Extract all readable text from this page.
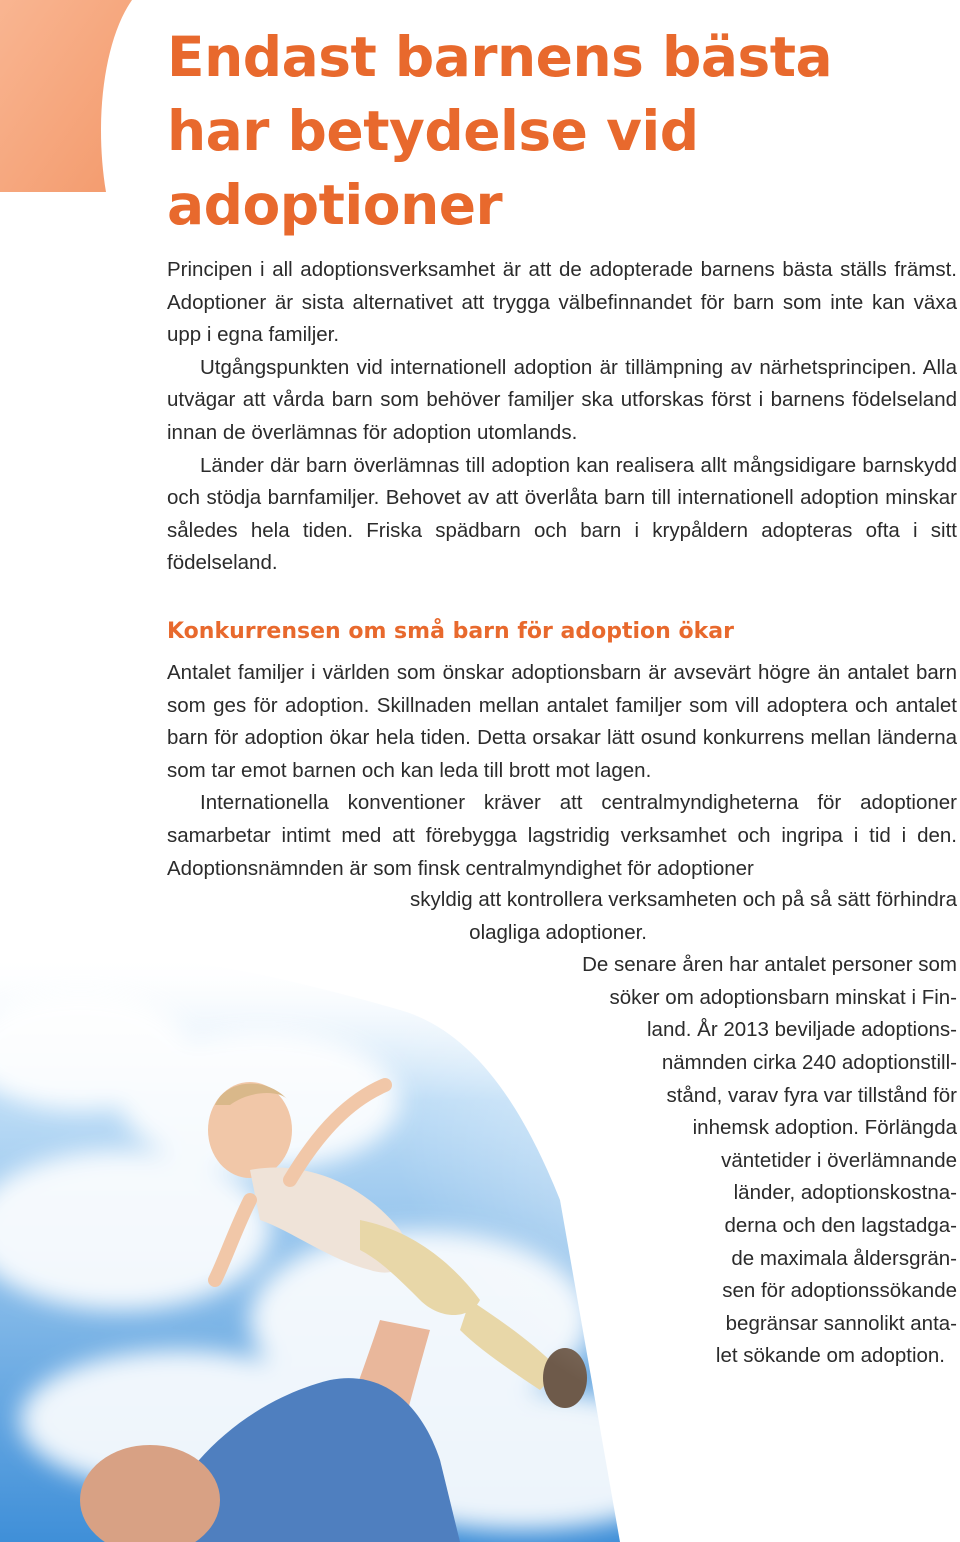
Endast barnens bästa har betydelse vid adoptioner
Principen i all adoptionsverksamhet är att de adopterade barnens bästa ställs främst. Adoptioner är sista alternativet att trygga välbefinnandet för barn som inte kan växa upp i egna familjer.
Utgångspunkten vid internationell adoption är tillämpning av närhetsprincipen. Alla utvägar att vårda barn som behöver familjer ska utforskas först i barnens födelseland innan de överlämnas för adoption utomlands.
Länder där barn överlämnas till adoption kan realisera allt mångsidigare barnskydd och stödja barnfamiljer. Behovet av att överlåta barn till internationell adoption minskar således hela tiden. Friska spädbarn och barn i krypåldern adopteras ofta i sitt födelseland.
Konkurrensen om små barn för adoption ökar
Antalet familjer i världen som önskar adoptionsbarn är avsevärt högre än antalet barn som ges för adoption. Skillnaden mellan antalet familjer som vill adoptera och antalet barn för adoption ökar hela tiden. Detta orsakar lätt osund konkurrens mellan länderna som tar emot barnen och kan leda till brott mot lagen.
Internationella konventioner kräver att centralmyndigheterna för adoptioner samarbetar intimt med att förebygga lagstridig verksamhet och ingripa i tid i den. Adoptionsnämnden är som finsk centralmyndighet för adoptioner
skyldig att kontrollera verksamheten och på så sätt förhindra
olagliga adoptioner.
De senare åren har antalet personer som
söker om adoptionsbarn minskat i Fin-
land. År 2013 beviljade adoptions-
nämnden cirka 240 adoptionstill-
stånd, varav fyra var tillstånd för
inhemsk adoption. Förlängda
väntetider i överlämnande
länder, adoptionskostna-
derna och den lagstadga-
de maximala åldersgrän-
sen för adoptionssökande
begränsar sannolikt anta-
let sökande om adoption.
